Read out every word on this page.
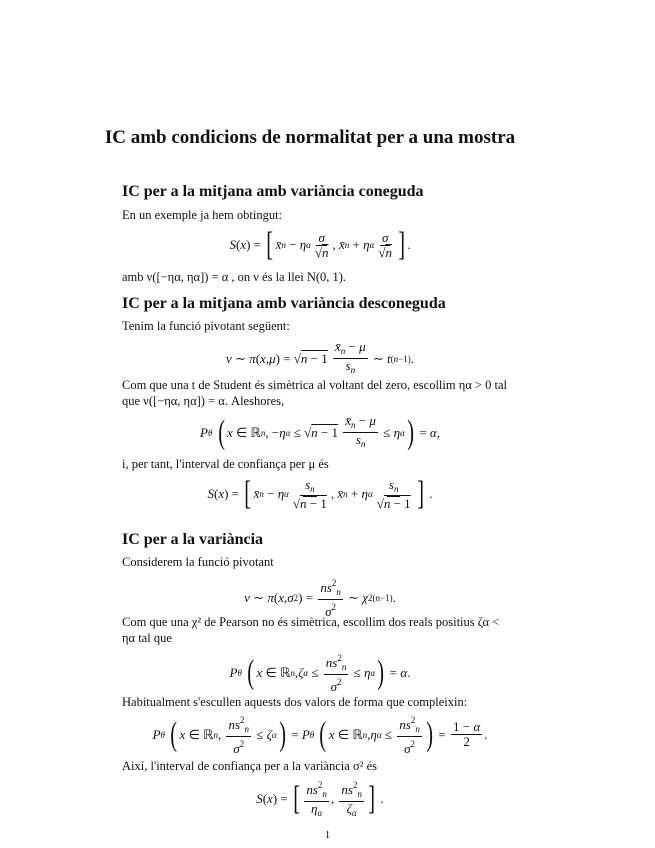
IC amb condicions de normalitat per a una mostra
IC per a la mitjana amb variància coneguda
En un exemple ja hem obtingut:
S ( x ) = [ x̄ n − η α $\frac{\sigma}{√n}$ , x̄ n + η α $\frac{\sigma}{√n}$ ] .
amb ν([−ηα, ηα]) = α , on ν és la llei N(0, 1).
IC per a la mitjana amb variància desconeguda
Tenim la funció pivotant següent:
ν ∼ π ( x , μ ) = √ n − 1
$\frac{x̄_n - \mu}{s_n}$ ∼ t (n−1) .
Com que una t de Student és simètrica al voltant del zero, escollim ηα > 0 tal que ν([−ηα, ηα]) = α. Aleshores,
P θ
( x ∈ ℝ n , − η α ≤ √ n − 1
$\frac{x̄_n - \mu}{s_n} \le \eta$ α ) = α ,
i, per tant, l'interval de confiança per μ és
S ( x ) = [ x̄ n − η α $\frac{s_n}{√n - 1}$ , x̄ n + η α $\frac{s_n}{√n - 1}$ ] .
IC per a la variància
Considerem la funció pivotant
ν ∼ π ( x , σ 2 ) = $\frac{ns^2_n}{\sigma^2}$ ∼ χ 2 (n−1) .
Com que una χ² de Pearson no és simètrica, escollim dos reals positius ζα < ηα tal que
P θ
( x ∈ ℝ n , ζ $\alpha \le \frac{ns^2_n}{\sigma^2} \le \eta$ α ) = α .
Habitualment s'escullen aquests dos valors de forma que compleixin:
P θ
( x ∈ ℝ n , $\frac{ns^2_n}{\sigma^2} \le \zeta$ α ) = P θ
( x ∈ ℝ n , η $\alpha \le \frac{ns^2_n}{\sigma^2}$ ) = $\frac{1 - \alpha}{2}$ .
Així, l'interval de confiança per a la variància σ² és
S ( x ) = [ $\frac{ns^2_n}{\eta_\alpha}$ , $\frac{ns^2_n}{\zeta_\alpha}$ ] .
1
